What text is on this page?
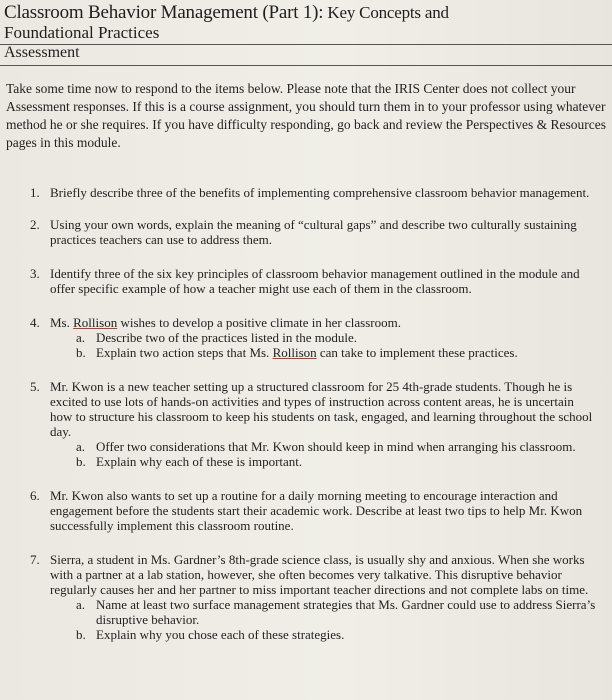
Classroom Behavior Management (Part 1): Key Concepts and
Foundational Practices
Assessment
Take some time now to respond to the items below. Please note that the IRIS Center does not collect your Assessment responses. If this is a course assignment, you should turn them in to your professor using whatever method he or she requires. If you have difficulty responding, go back and review the Perspectives & Resources pages in this module.
1. Briefly describe three of the benefits of implementing comprehensive classroom behavior management.
2. Using your own words, explain the meaning of “cultural gaps” and describe two culturally sustaining practices teachers can use to address them.
3. Identify three of the six key principles of classroom behavior management outlined in the module and offer specific example of how a teacher might use each of them in the classroom.
4. Ms. Rollison wishes to develop a positive climate in her classroom.
a. Describe two of the practices listed in the module.
b. Explain two action steps that Ms. Rollison can take to implement these practices.
5. Mr. Kwon is a new teacher setting up a structured classroom for 25 4th-grade students. Though he is excited to use lots of hands-on activities and types of instruction across content areas, he is uncertain how to structure his classroom to keep his students on task, engaged, and learning throughout the school day.
a. Offer two considerations that Mr. Kwon should keep in mind when arranging his classroom.
b. Explain why each of these is important.
6. Mr. Kwon also wants to set up a routine for a daily morning meeting to encourage interaction and engagement before the students start their academic work. Describe at least two tips to help Mr. Kwon successfully implement this classroom routine.
7. Sierra, a student in Ms. Gardner’s 8th-grade science class, is usually shy and anxious. When she works with a partner at a lab station, however, she often becomes very talkative. This disruptive behavior regularly causes her and her partner to miss important teacher directions and not complete labs on time.
a. Name at least two surface management strategies that Ms. Gardner could use to address Sierra’s disruptive behavior.
b. Explain why you chose each of these strategies.
